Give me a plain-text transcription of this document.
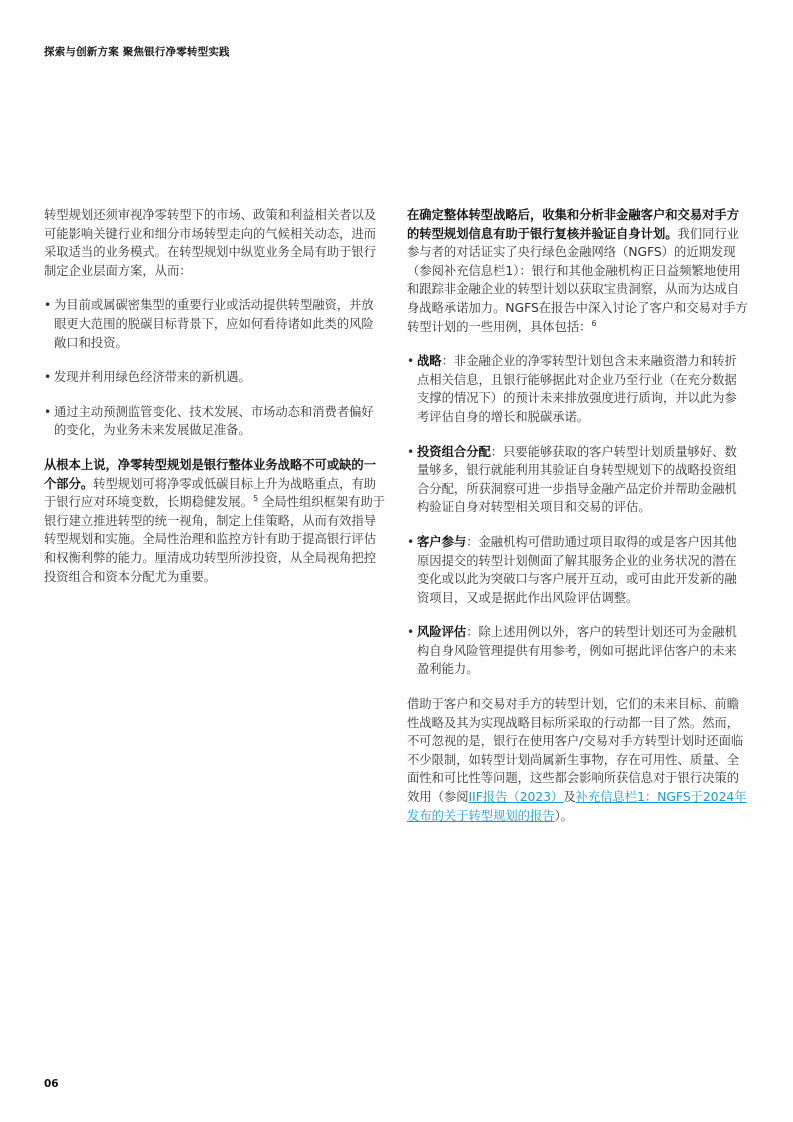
探索与创新方案 聚焦银行净零转型实践

转型规划还须审视净零转型下的市场、政策和利益相关者以及可能影响关键行业和细分市场转型走向的气候相关动态，进而采取适当的业务模式。在转型规划中纵览业务全局有助于银行制定企业层面方案，从而：

• 为目前或属碳密集型的重要行业或活动提供转型融资，并放眼更大范围的脱碳目标背景下，应如何看待诸如此类的风险敞口和投资。
• 发现并利用绿色经济带来的新机遇。
• 通过主动预测监管变化、技术发展、市场动态和消费者偏好的变化，为业务未来发展做足准备。

从根本上说，净零转型规划是银行整体业务战略不可或缺的一个部分。转型规划可将净零或低碳目标上升为战略重点，有助于银行应对环境变数，长期稳健发展。$^5$ 全局性组织框架有助于银行建立推进转型的统一视角，制定上佳策略，从而有效指导转型规划和实施。全局性治理和监控方针有助于提高银行评估和权衡利弊的能力。厘清成功转型所涉投资，从全局视角把控投资组合和资本分配尤为重要。

在确定整体转型战略后，收集和分析非金融客户和交易对手方的转型规划信息有助于银行复核并验证自身计划。我们同行业参与者的对话证实了央行绿色金融网络（NGFS）的近期发现（参阅补充信息栏1）：银行和其他金融机构正日益频繁地使用和跟踪非金融企业的转型计划以获取宝贵洞察，从而为达成自身战略承诺加力。NGFS在报告中深入讨论了客户和交易对手方转型计划的一些用例，具体包括：$^6$

• 战略：非金融企业的净零转型计划包含未来融资潜力和转折点相关信息，且银行能够据此对企业乃至行业（在充分数据支撑的情况下）的预计未来排放强度进行质询，并以此为参考评估自身的增长和脱碳承诺。
• 投资组合分配：只要能够获取的客户转型计划质量够好、数量够多，银行就能利用其验证自身转型规划下的战略投资组合分配，所获洞察可进一步指导金融产品定价并帮助金融机构验证自身对转型相关项目和交易的评估。
• 客户参与：金融机构可借助通过项目取得的或是客户因其他原因提交的转型计划侧面了解其服务企业的业务状况的潜在变化或以此为突破口与客户展开互动，或可由此开发新的融资项目，又或是据此作出风险评估调整。
• 风险评估：除上述用例以外，客户的转型计划还可为金融机构自身风险管理提供有用参考，例如可据此评估客户的未来盈利能力。

借助于客户和交易对手方的转型计划，它们的未来目标、前瞻性战略及其为实现战略目标所采取的行动都一目了然。然而，不可忽视的是，银行在使用客户/交易对手方转型计划时还面临不少限制，如转型计划尚属新生事物，存在可用性、质量、全面性和可比性等问题，这些都会影响所获信息对于银行决策的效用（参阅IIF报告（2023）及补充信息栏1：NGFS于2024年发布的关于转型规划的报告）。

06
